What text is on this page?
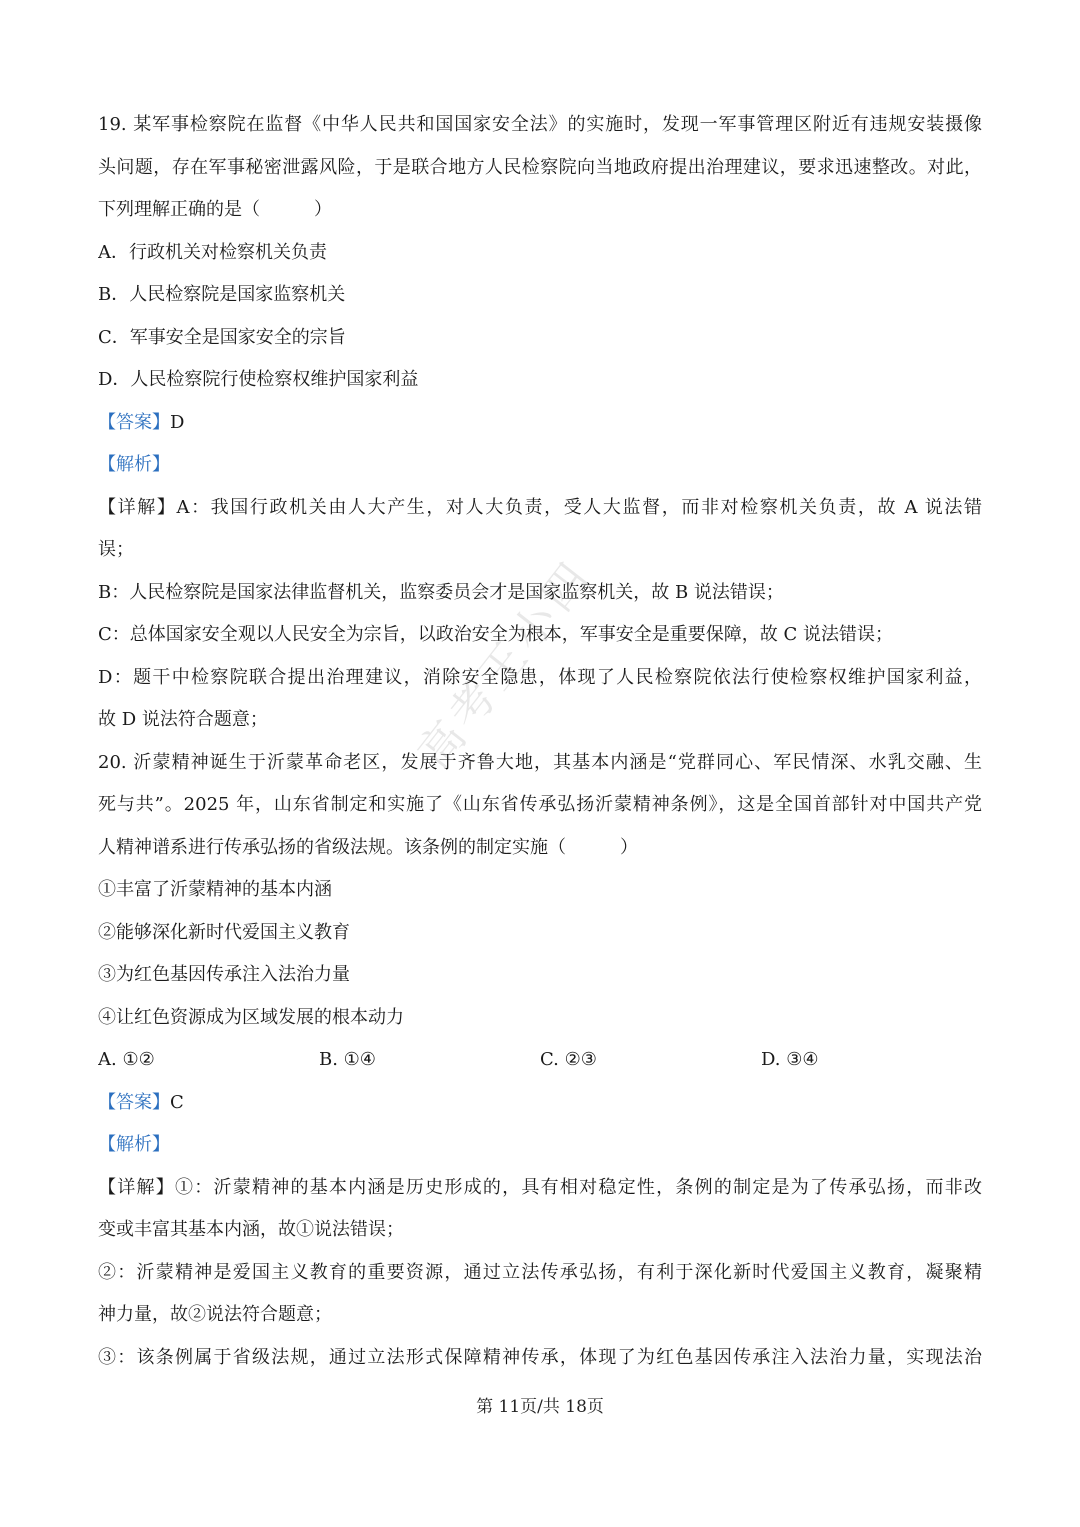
高考王小四
19. 某军事检察院在监督《中华人民共和国国家安全法》的实施时，发现一军事管理区附近有违规安装摄像
头问题，存在军事秘密泄露风险，于是联合地方人民检察院向当地政府提出治理建议，要求迅速整改。对此，
下列理解正确的是（　　　）
A．行政机关对检察机关负责
B．人民检察院是国家监察机关
C．军事安全是国家安全的宗旨
D．人民检察院行使检察权维护国家利益
【答案】D
【解析】
【详解】A：我国行政机关由人大产生，对人大负责，受人大监督，而非对检察机关负责，故 A 说法错
误；
B：人民检察院是国家法律监督机关，监察委员会才是国家监察机关，故 B 说法错误；
C：总体国家安全观以人民安全为宗旨，以政治安全为根本，军事安全是重要保障，故 C 说法错误；
D：题干中检察院联合提出治理建议，消除安全隐患，体现了人民检察院依法行使检察权维护国家利益，
故 D 说法符合题意；
20. 沂蒙精神诞生于沂蒙革命老区，发展于齐鲁大地，其基本内涵是“党群同心、军民情深、水乳交融、生
死与共”。2025 年，山东省制定和实施了《山东省传承弘扬沂蒙精神条例》，这是全国首部针对中国共产党
人精神谱系进行传承弘扬的省级法规。该条例的制定实施（　　　）
①丰富了沂蒙精神的基本内涵
②能够深化新时代爱国主义教育
③为红色基因传承注入法治力量
④让红色资源成为区域发展的根本动力
A. ①②	B. ①④	C. ②③	D. ③④
【答案】C
【解析】
【详解】①：沂蒙精神的基本内涵是历史形成的，具有相对稳定性，条例的制定是为了传承弘扬，而非改
变或丰富其基本内涵，故①说法错误；
②：沂蒙精神是爱国主义教育的重要资源，通过立法传承弘扬，有利于深化新时代爱国主义教育，凝聚精
神力量，故②说法符合题意；
③：该条例属于省级法规，通过立法形式保障精神传承，体现了为红色基因传承注入法治力量，实现法治
第 11页/共 18页
